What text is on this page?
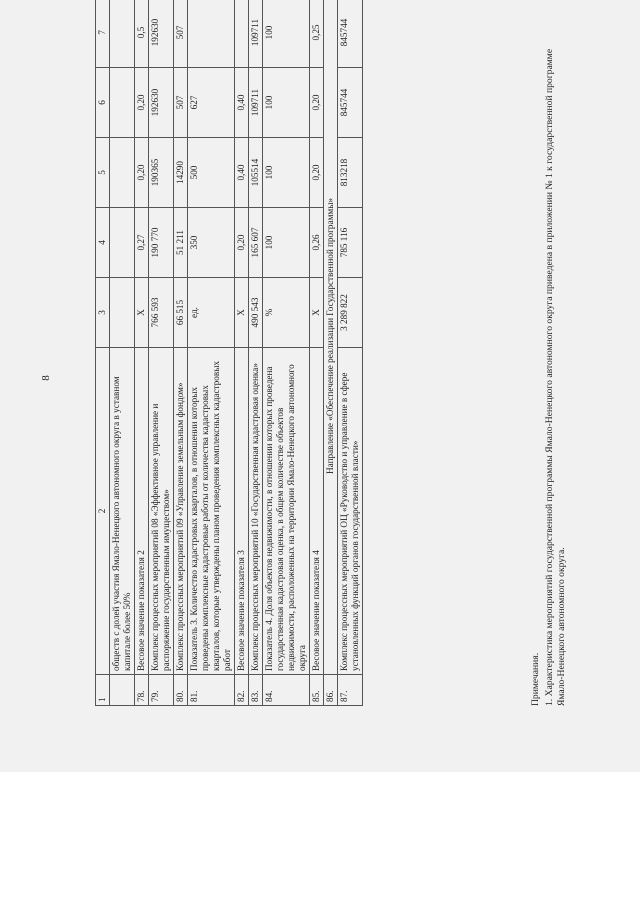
8
1	2	3	4	5	6	7
	обществ с долей участия Ямало-Ненецкого автономного округа в уставном капитале более 50%					
78.	Весовое значение показателя 2	Х	0,27	0,20	0,20	0,5
79.	Комплекс процессных мероприятий 08 «Эффективное управление и распоряжение государственным имуществом»	766 593	190 770	190365	192630	192630
80.	Комплекс процессных мероприятий 09 «Управление земельным фондом»	66 515	51 211	14290	507	507
81.	Показатель 3. Количество кадастровых кварталов, в отношении которых проведены комплексные кадастровые работы от количества кадастровых кварталов, которые утверждены планом проведения комплексных кадастровых работ	ед.	350	500	627	
82.	Весовое значение показателя 3	Х	0,20	0,40	0,40	
83.	Комплекс процессных мероприятий 10 «Государственная кадастровая оценка»	490 543	165 607	105514	109711	109711
84.	Показатель 4. Доля объектов недвижимости, в отношении которых проведена государственная кадастровая оценка, в общем количестве объектов недвижимости, расположенных на территории Ямало-Ненецкого автономного округа	%	100	100	100	100
85.	Весовое значение показателя 4	Х	0,26	0,20	0,20	0,25
86.	Направление «Обеспечение реализации Государственной программы»					
87.	Комплекс процессных мероприятий ОЦ «Руководство и управление в сфере установленных функций органов государственной власти»	3 289 822	785 116	813218	845744	845744

Примечания. 1. Характеристика мероприятий государственной программы Ямало-Ненецкого автономного округа приведена в приложении № 1 к государственной программе Ямало-Ненецкого автономного округа.
